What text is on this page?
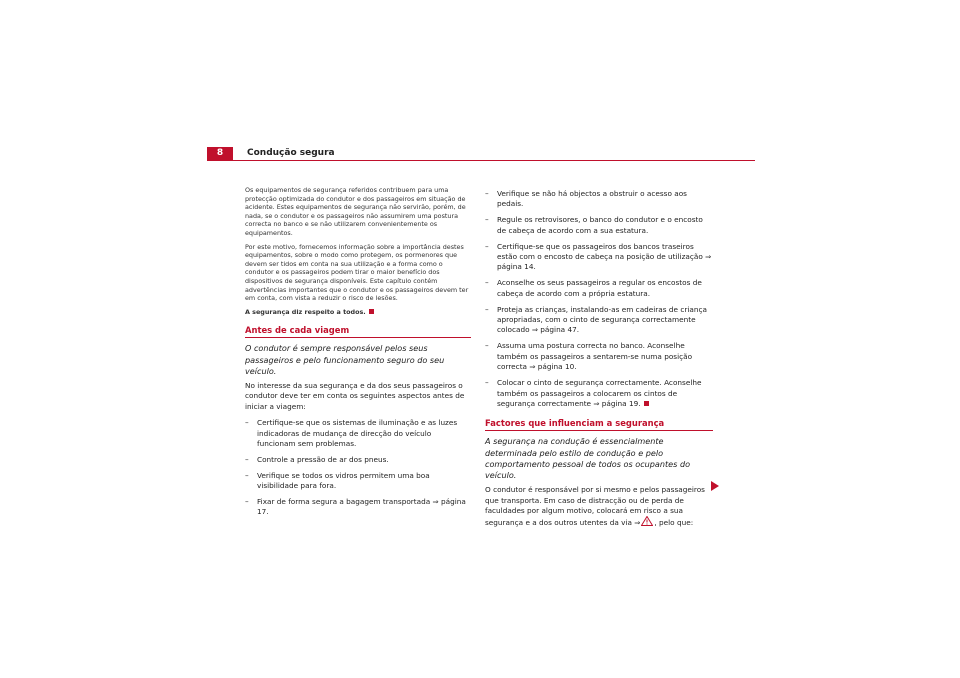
8	Condução segura

Os equipamentos de segurança referidos contribuem para uma protecção optimizada do condutor e dos passageiros em situação de acidente. Estes equipamentos de segurança não servirão, porém, de nada, se o condutor e os passageiros não assumirem uma postura correcta no banco e se não utilizarem convenientemente os equipamentos.

Por este motivo, fornecemos informação sobre a importância destes equipamentos, sobre o modo como protegem, os pormenores que devem ser tidos em conta na sua utilização e a forma como o condutor e os passageiros podem tirar o maior benefício dos dispositivos de segurança disponíveis. Este capítulo contém advertências importantes que o condutor e os passageiros devem ter em conta, com vista a reduzir o risco de lesões.

A segurança diz respeito a todos.

Antes de cada viagem

O condutor é sempre responsável pelos seus passageiros e pelo funcionamento seguro do seu veículo.

No interesse da sua segurança e da dos seus passageiros o condutor deve ter em conta os seguintes aspectos antes de iniciar a viagem:

– Certifique-se que os sistemas de iluminação e as luzes indicadoras de mudança de direcção do veículo funcionam sem problemas.
– Controle a pressão de ar dos pneus.
– Verifique se todos os vidros permitem uma boa visibilidade para fora.
– Fixar de forma segura a bagagem transportada ⇒ página 17.
– Verifique se não há objectos a obstruir o acesso aos pedais.
– Regule os retrovisores, o banco do condutor e o encosto de cabeça de acordo com a sua estatura.
– Certifique-se que os passageiros dos bancos traseiros estão com o encosto de cabeça na posição de utilização ⇒ página 14.
– Aconselhe os seus passageiros a regular os encostos de cabeça de acordo com a própria estatura.
– Proteja as crianças, instalando-as em cadeiras de criança apropriadas, com o cinto de segurança correctamente colocado ⇒ página 47.
– Assuma uma postura correcta no banco. Aconselhe também os passageiros a sentarem-se numa posição correcta ⇒ página 10.
– Colocar o cinto de segurança correctamente. Aconselhe também os passageiros a colocarem os cintos de segurança correctamente ⇒ página 19.
Factores que influenciam a segurança

A segurança na condução é essencialmente determinada pelo estilo de condução e pelo comportamento pessoal de todos os ocupantes do veículo.

O condutor é responsável por si mesmo e pelos passageiros que transporta. Em caso de distracção ou de perda de faculdades por algum motivo, colocará em risco a sua segurança e a dos outros utentes da via ⇒ , pelo que:
